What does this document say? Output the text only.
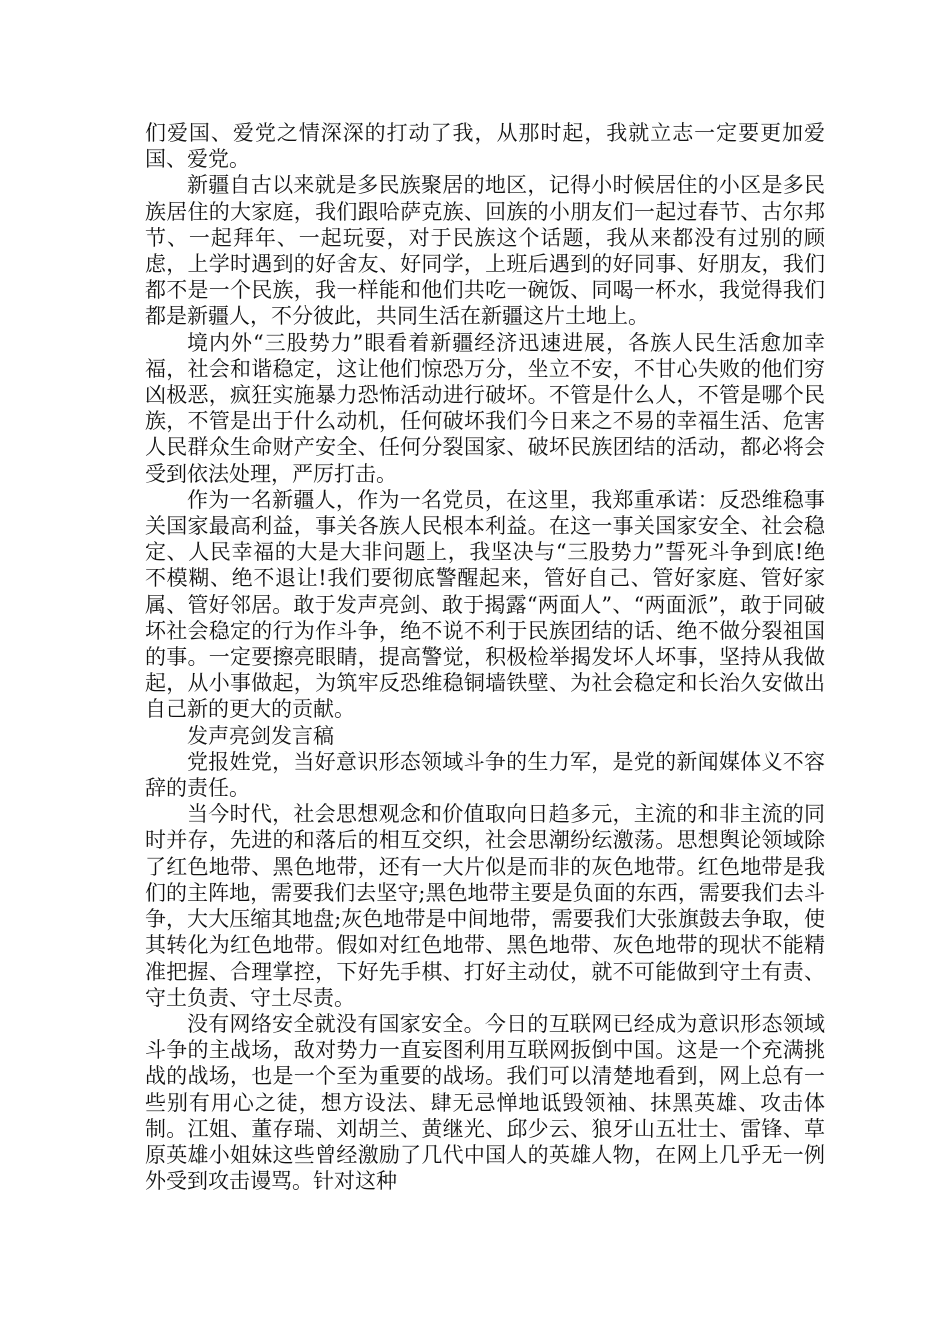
们爱国、爱党之情深深的打动了我，从那时起，我就立志一定要更加爱国、爱党。

新疆自古以来就是多民族聚居的地区，记得小时候居住的小区是多民族居住的大家庭，我们跟哈萨克族、回族的小朋友们一起过春节、古尔邦节、一起拜年、一起玩耍，对于民族这个话题，我从来都没有过别的顾虑，上学时遇到的好舍友、好同学，上班后遇到的好同事、好朋友，我们都不是一个民族，我一样能和他们共吃一碗饭、同喝一杯水，我觉得我们都是新疆人，不分彼此，共同生活在新疆这片土地上。

境内外“三股势力”眼看着新疆经济迅速进展，各族人民生活愈加幸福，社会和谐稳定，这让他们惊恐万分，坐立不安，不甘心失败的他们穷凶极恶，疯狂实施暴力恐怖活动进行破坏。不管是什么人，不管是哪个民族，不管是出于什么动机，任何破坏我们今日来之不易的幸福生活、危害人民群众生命财产安全、任何分裂国家、破坏民族团结的活动，都必将会受到依法处理，严厉打击。

作为一名新疆人，作为一名党员，在这里，我郑重承诺：反恐维稳事关国家最高利益，事关各族人民根本利益。在这一事关国家安全、社会稳定、人民幸福的大是大非问题上，我坚决与“三股势力”誓死斗争到底!绝不模糊、绝不退让!我们要彻底警醒起来，管好自己、管好家庭、管好家属、管好邻居。敢于发声亮剑、敢于揭露“两面人”、“两面派”，敢于同破坏社会稳定的行为作斗争，绝不说不利于民族团结的话、绝不做分裂祖国的事。一定要擦亮眼睛，提高警觉，积极检举揭发坏人坏事，坚持从我做起，从小事做起，为筑牢反恐维稳铜墙铁壁、为社会稳定和长治久安做出自己新的更大的贡献。

发声亮剑发言稿

党报姓党，当好意识形态领域斗争的生力军，是党的新闻媒体义不容辞的责任。

当今时代，社会思想观念和价值取向日趋多元，主流的和非主流的同时并存，先进的和落后的相互交织，社会思潮纷纭激荡。思想舆论领域除了红色地带、黑色地带，还有一大片似是而非的灰色地带。红色地带是我们的主阵地，需要我们去坚守;黑色地带主要是负面的东西，需要我们去斗争，大大压缩其地盘;灰色地带是中间地带，需要我们大张旗鼓去争取，使其转化为红色地带。假如对红色地带、黑色地带、灰色地带的现状不能精准把握、合理掌控，下好先手棋、打好主动仗，就不可能做到守土有责、守土负责、守土尽责。

没有网络安全就没有国家安全。今日的互联网已经成为意识形态领域斗争的主战场，敌对势力一直妄图利用互联网扳倒中国。这是一个充满挑战的战场，也是一个至为重要的战场。我们可以清楚地看到，网上总有一些别有用心之徒，想方设法、肆无忌惮地诋毁领袖、抹黑英雄、攻击体制。江姐、董存瑞、刘胡兰、黄继光、邱少云、狼牙山五壮士、雷锋、草原英雄小姐妹这些曾经激励了几代中国人的英雄人物，在网上几乎无一例外受到攻击谩骂。针对这种
